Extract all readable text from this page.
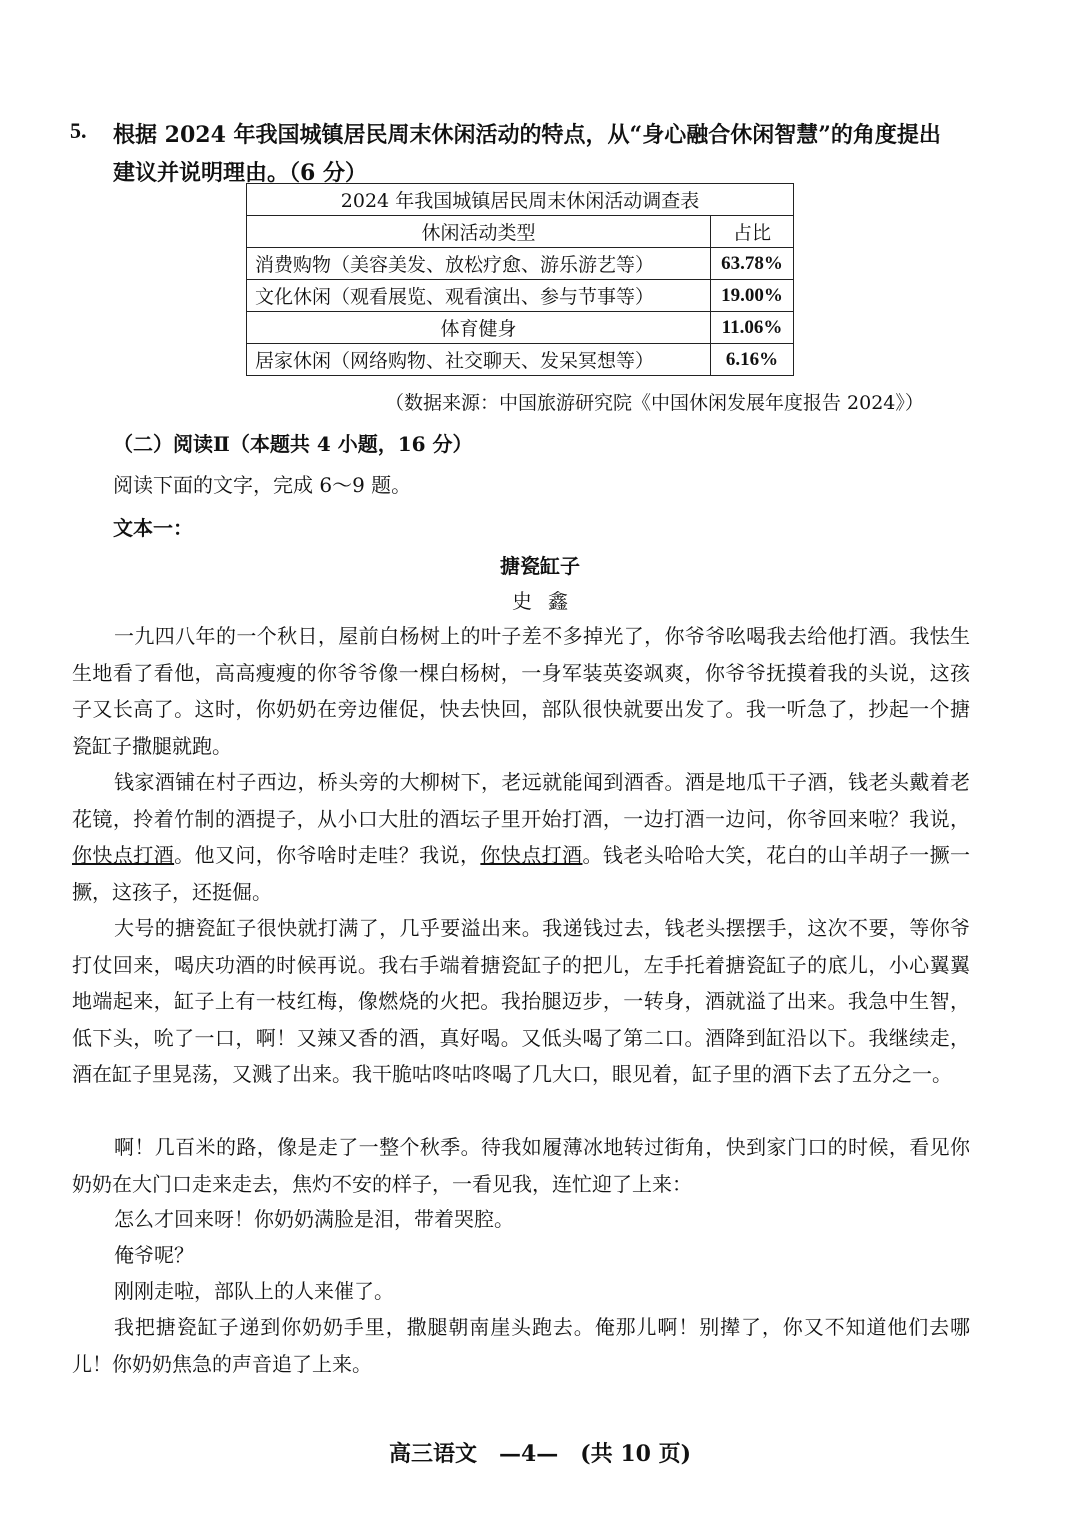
5. 根据 2024 年我国城镇居民周末休闲活动的特点，从“身心融合休闲智慧”的角度提出
建议并说明理由。（6 分）
2024 年我国城镇居民周末休闲活动调查表	
休闲活动类型	占比
消费购物（美容美发、放松疗愈、游乐游艺等）	63.78%
文化休闲（观看展览、观看演出、参与节事等）	19.00%
体育健身	11.06%
居家休闲（网络购物、社交聊天、发呆冥想等）	6.16%
（数据来源：中国旅游研究院《中国休闲发展年度报告 2024》）
（二）阅读Ⅱ（本题共 4 小题，16 分）
阅读下面的文字，完成 6～9 题。
文本一：
搪瓷缸子
史鑫
一九四八年的一个秋日，屋前白杨树上的叶子差不多掉光了，你爷爷吆喝我去给他打酒。我怯生生地看了看他，高高瘦瘦的你爷爷像一棵白杨树，一身军装英姿飒爽，你爷爷抚摸着我的头说，这孩子又长高了。这时，你奶奶在旁边催促，快去快回，部队很快就要出发了。我一听急了，抄起一个搪瓷缸子撒腿就跑。
钱家酒铺在村子西边，桥头旁的大柳树下，老远就能闻到酒香。酒是地瓜干子酒，钱老头戴着老花镜，拎着竹制的酒提子，从小口大肚的酒坛子里开始打酒，一边打酒一边问，你爷回来啦？我说，你快点打酒。他又问，你爷啥时走哇？我说，你快点打酒。钱老头哈哈大笑，花白的山羊胡子一撅一撅，这孩子，还挺倔。
大号的搪瓷缸子很快就打满了，几乎要溢出来。我递钱过去，钱老头摆摆手，这次不要，等你爷打仗回来，喝庆功酒的时候再说。我右手端着搪瓷缸子的把儿，左手托着搪瓷缸子的底儿，小心翼翼地端起来，缸子上有一枝红梅，像燃烧的火把。我抬腿迈步，一转身，酒就溢了出来。我急中生智，低下头，吮了一口，啊！又辣又香的酒，真好喝。又低头喝了第二口。酒降到缸沿以下。我继续走，酒在缸子里晃荡，又溅了出来。我干脆咕咚咕咚喝了几大口，眼见着，缸子里的酒下去了五分之一。
啊！几百米的路，像是走了一整个秋季。待我如履薄冰地转过街角，快到家门口的时候，看见你奶奶在大门口走来走去，焦灼不安的样子，一看见我，连忙迎了上来：
怎么才回来呀！你奶奶满脸是泪，带着哭腔。
俺爷呢？
刚刚走啦，部队上的人来催了。
我把搪瓷缸子递到你奶奶手里，撒腿朝南崖头跑去。俺那儿啊！别撵了，你又不知道他们去哪儿！你奶奶焦急的声音追了上来。
高三语文　—4—　(共 10 页)
